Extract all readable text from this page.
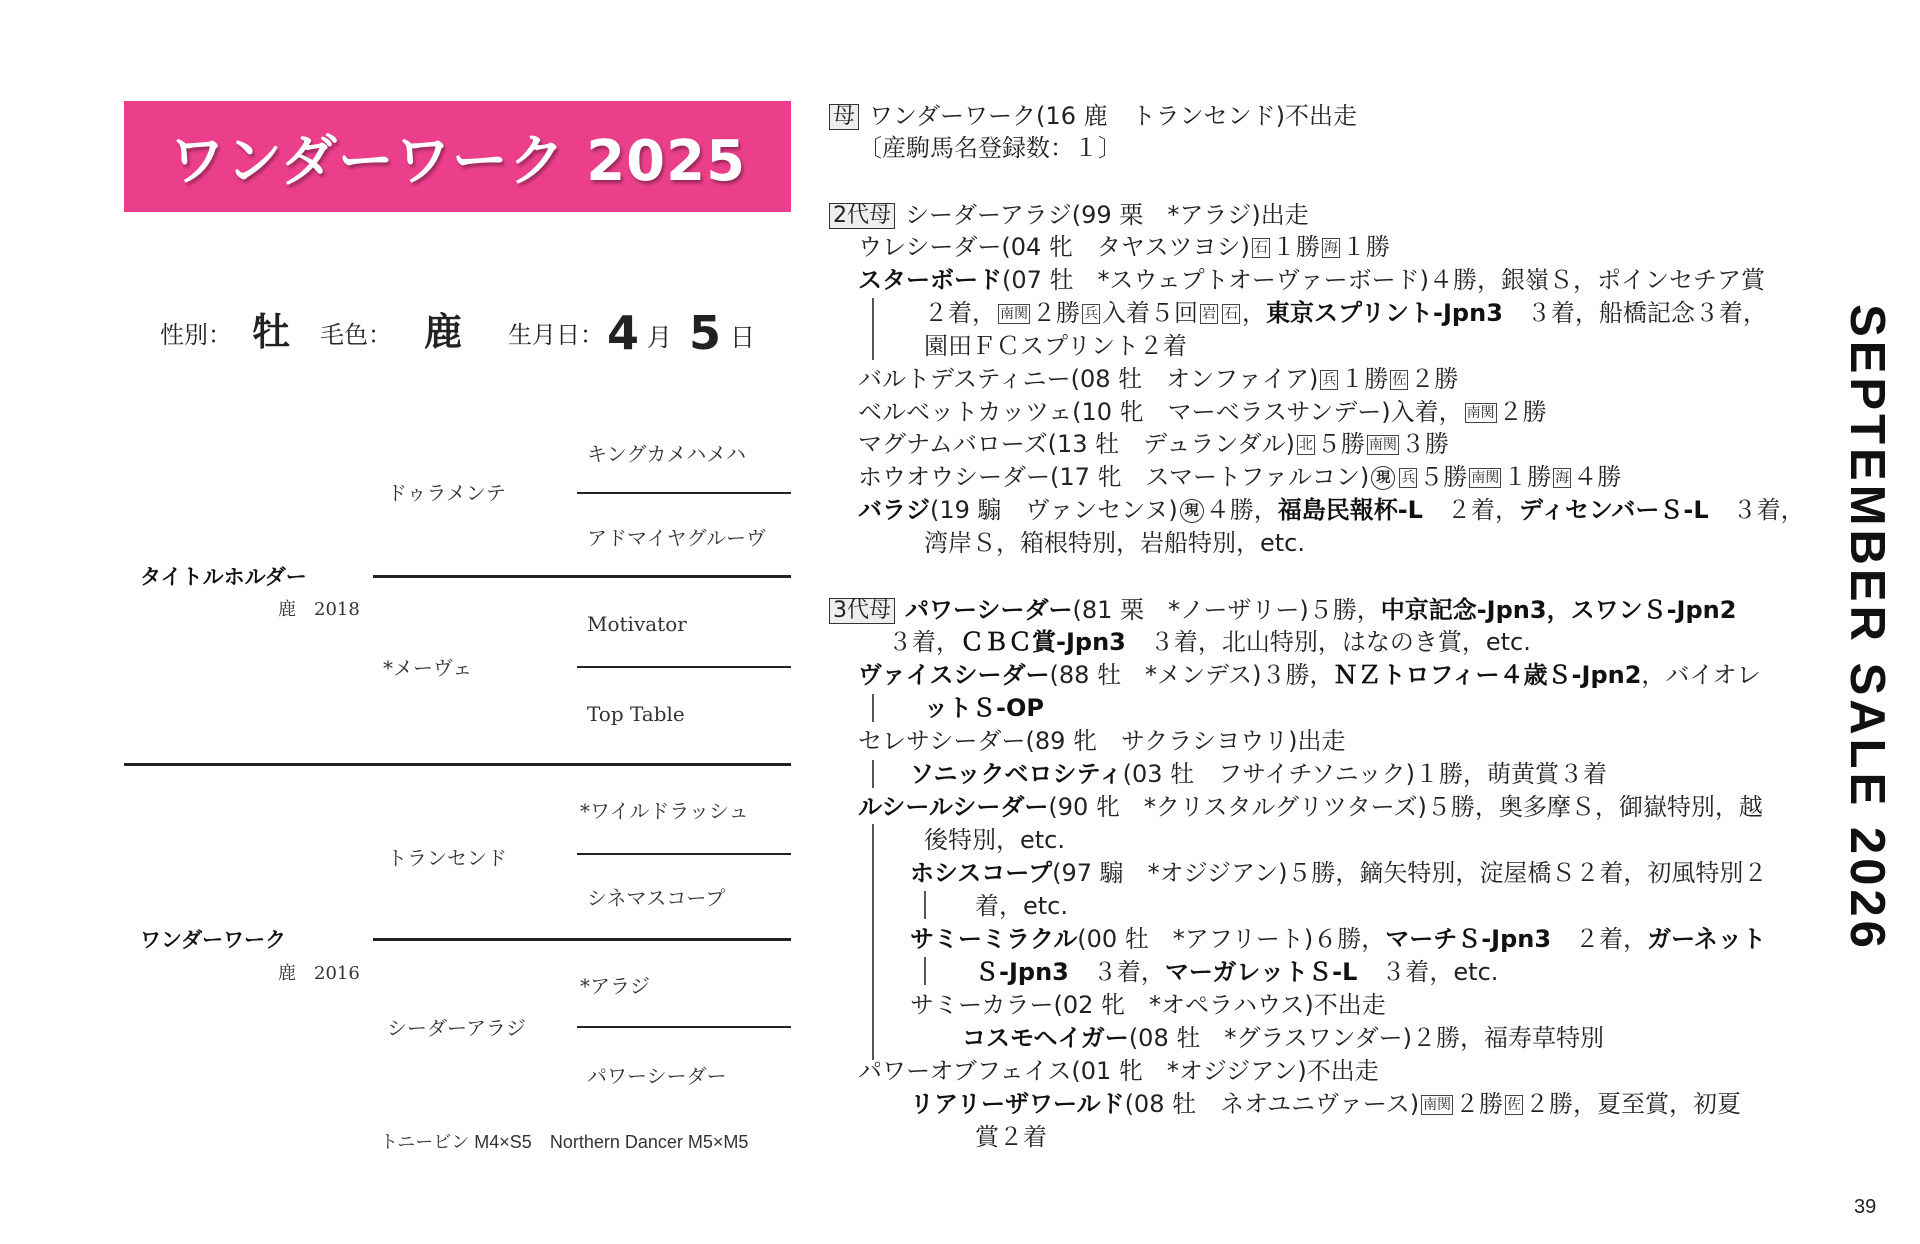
ワンダーワーク 2025
性別： 牡 毛色： 鹿 生月日： 4 月 5 日
キングカメハメハ
アドマイヤグルーヴ
ドゥラメンテ
タイトルホルダー
鹿　2018
Motivator
*メーヴェ
Top Table
*ワイルドラッシュ
トランセンド
シネマスコープ
ワンダーワーク
鹿　2016
*アラジ
シーダーアラジ
パワーシーダー
トニービン M4×S5　Northern Dancer M5×M5
母 ワンダーワーク(16 鹿　トランセンド)不出走
〔産駒馬名登録数：１〕
2代母 シーダーアラジ(99 栗　*アラジ)出走
ウレシーダー(04 牝　タヤスツヨシ) 石 １勝 海 １勝
スターボード(07 牡　*スウェプトオーヴァーボード)４勝，銀嶺Ｓ，ポインセチア賞
２着， 南関 ２勝 兵 入着５回 岩 石 ，東京スプリント-Jpn3　 ３着，船橋記念３着，
園田ＦＣスプリント２着
バルトデスティニー(08 牡　オンファイア) 兵 １勝 佐 ２勝
ベルベットカッツェ(10 牝　マーベラスサンデー)入着， 南関 ２勝
マグナムバローズ(13 牡　デュランダル) 北 ５勝 南関 ３勝
ホウオウシーダー(17 牝　スマートファルコン) 現 兵 ５勝 南関 １勝 海 ４勝
バラジ(19 騸　ヴァンセンヌ) 現 ４勝，福島民報杯-L　 ２着，ディセンバーＳ-L　 ３着，
湾岸Ｓ，箱根特別，岩船特別，etc.
3代母 パワーシーダー(81 栗　*ノーザリー)５勝，中京記念-Jpn3，スワンＳ-Jpn2
３着，ＣＢＣ賞-Jpn3　 ３着，北山特別，はなのき賞，etc.
ヴァイスシーダー(88 牡　*メンデス)３勝，ＮＺトロフィー４歳Ｓ-Jpn2，バイオレ
ットＳ-OP
セレサシーダー(89 牝　サクラシヨウリ)出走
ソニックベロシティ(03 牡　フサイチソニック)１勝，萌黄賞３着
ルシールシーダー(90 牝　*クリスタルグリツターズ)５勝，奥多摩Ｓ，御嶽特別，越
後特別，etc.
ホシスコープ(97 騸　*オジジアン)５勝，鏑矢特別，淀屋橋Ｓ２着，初風特別２
着，etc.
サミーミラクル(00 牡　*アフリート)６勝，マーチＳ-Jpn3　 ２着，ガーネット
Ｓ-Jpn3　 ３着，マーガレットＳ-L　 ３着，etc.
サミーカラー(02 牝　*オペラハウス)不出走
コスモヘイガー(08 牡　*グラスワンダー)２勝，福寿草特別
パワーオブフェイス(01 牝　*オジジアン)不出走
リアリーザワールド(08 牡　ネオユニヴァース) 南関 ２勝 佐 ２勝，夏至賞，初夏
賞２着
SEPTEMBER SALE 2026
39
